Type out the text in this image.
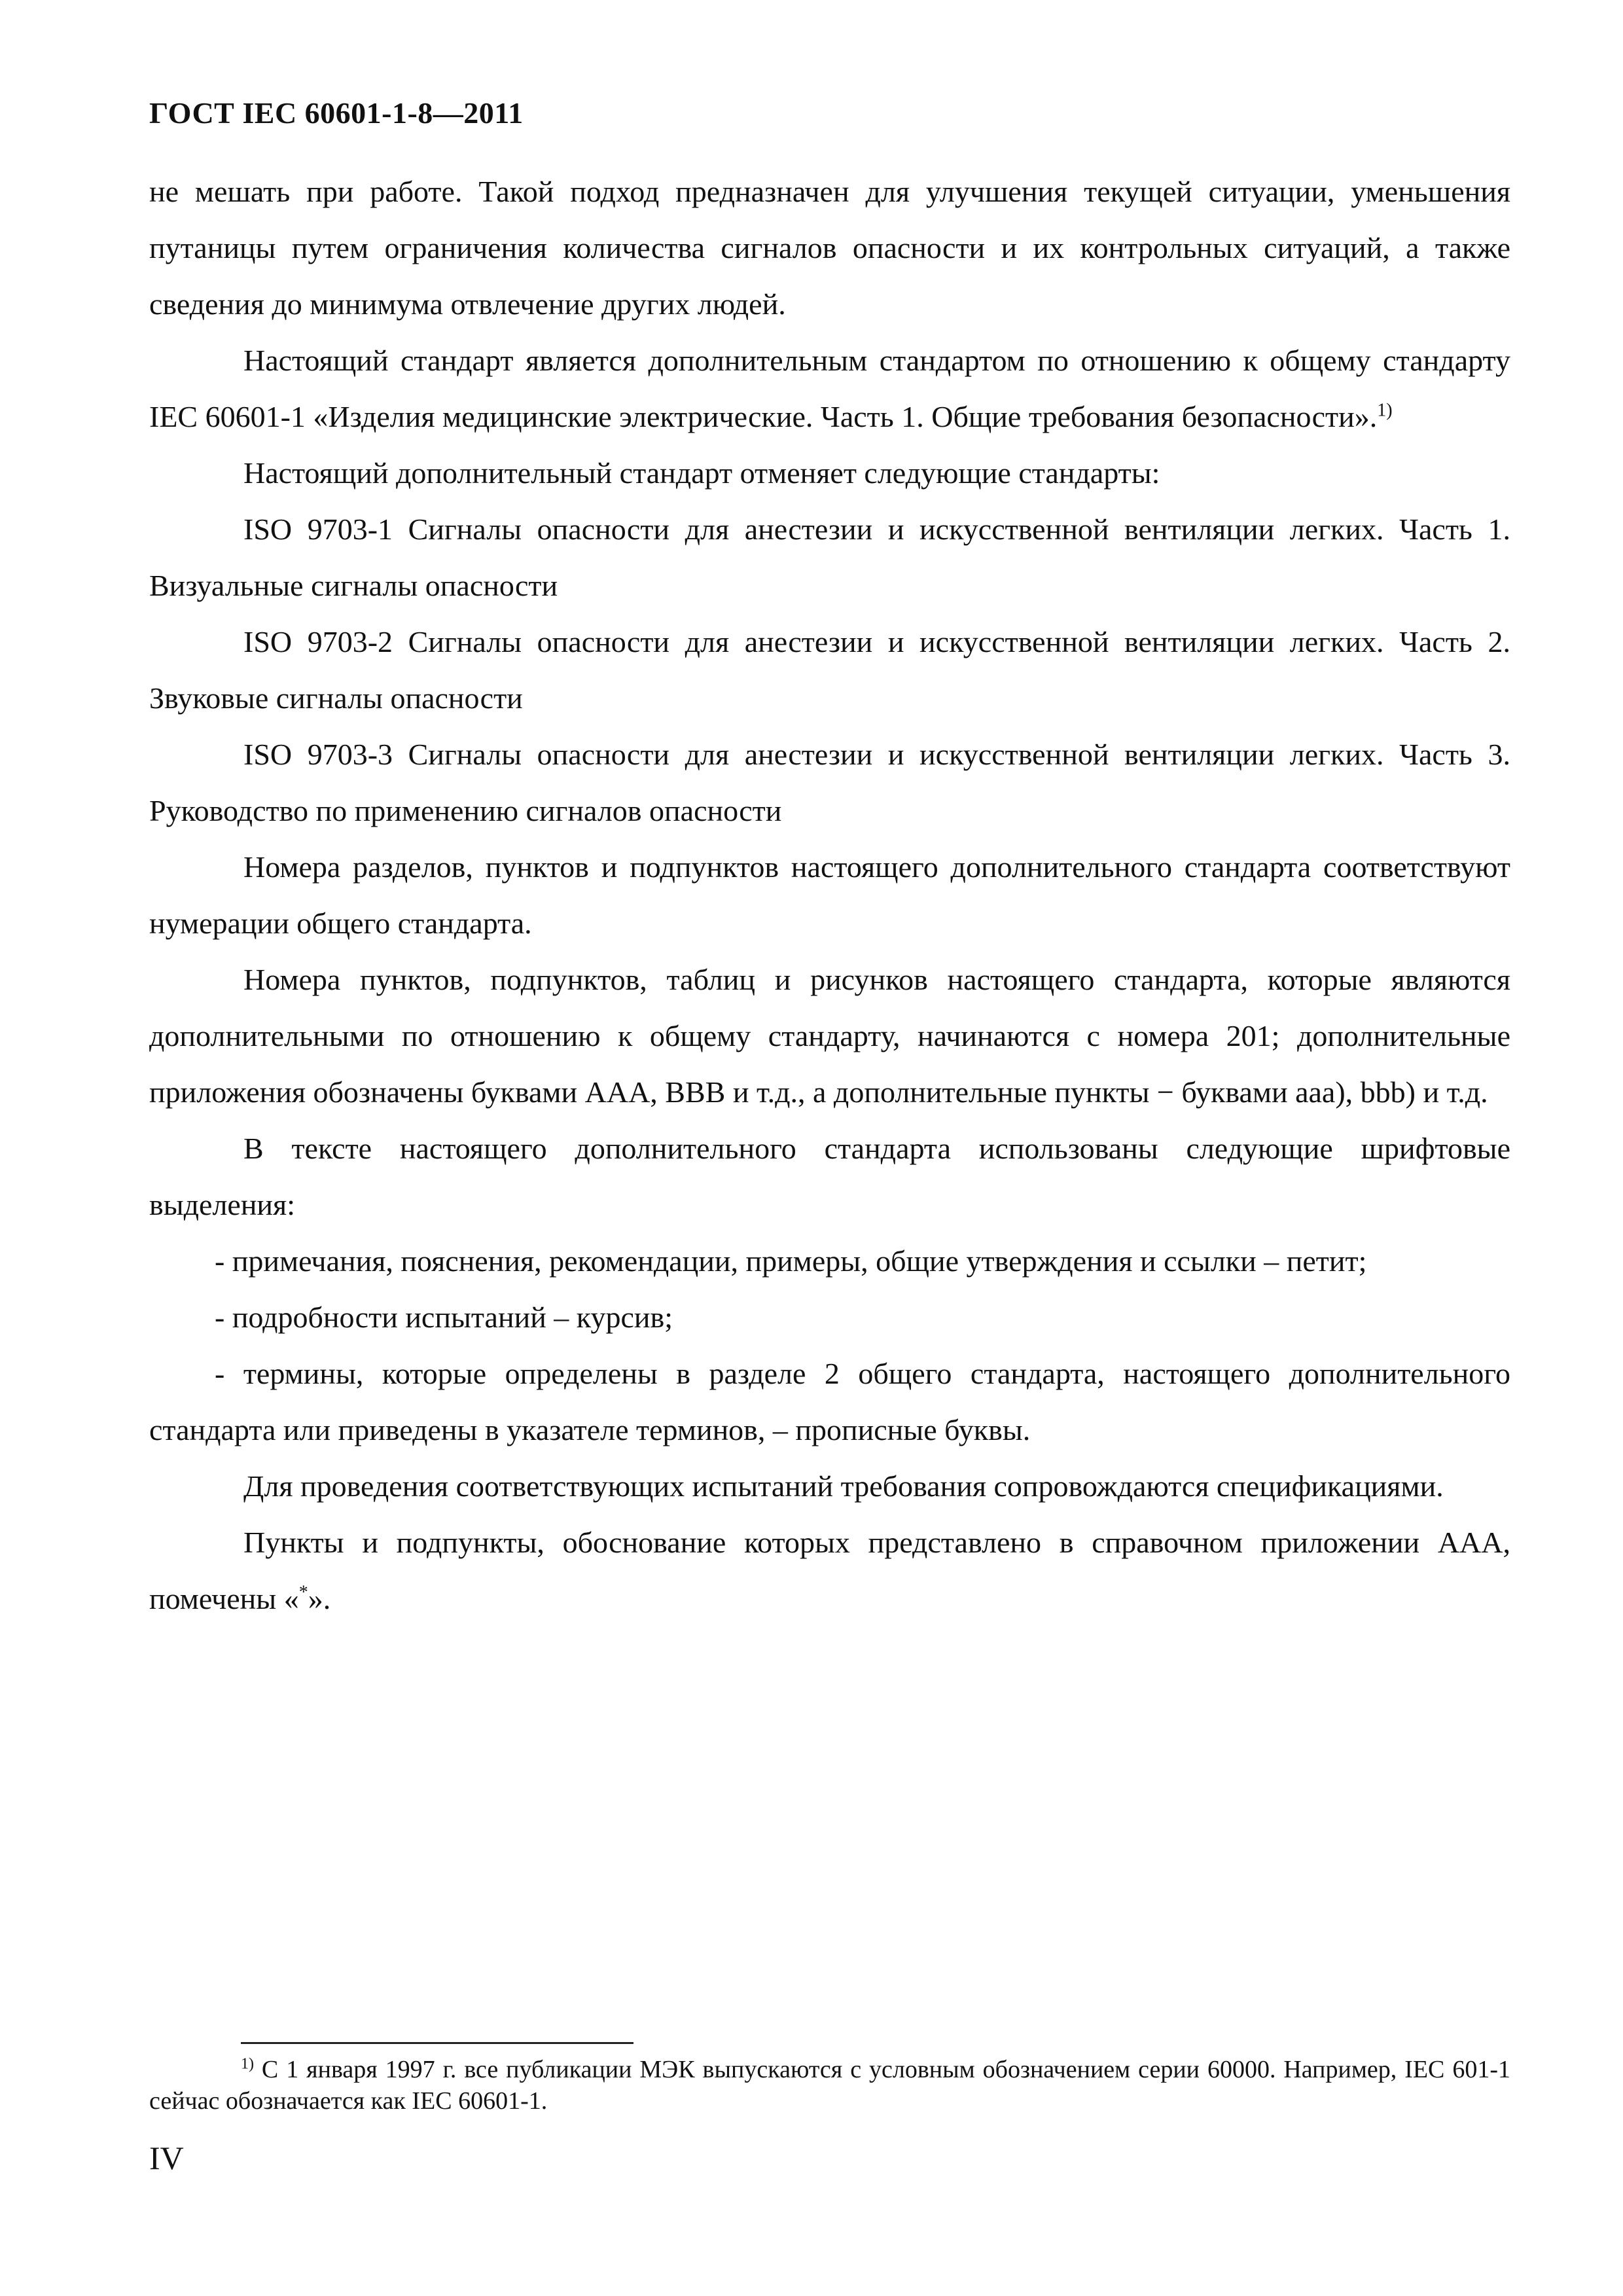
ГОСТ IEC 60601-1-8—2011

не мешать при работе. Такой подход предназначен для улучшения текущей ситуации, уменьшения путаницы путем ограничения количества сигналов опасности и их контрольных ситуаций, а также сведения до минимума отвлечение других людей.

Настоящий стандарт является дополнительным стандартом по отношению к общему стандарту IEC 60601-1 «Изделия медицинские электрические. Часть 1. Общие требования безопасности».$^{1)}$

Настоящий дополнительный стандарт отменяет следующие стандарты:

ISO 9703-1 Сигналы опасности для анестезии и искусственной вентиляции легких. Часть 1. Визуальные сигналы опасности

ISO 9703-2 Сигналы опасности для анестезии и искусственной вентиляции легких. Часть 2. Звуковые сигналы опасности

ISO 9703-3 Сигналы опасности для анестезии и искусственной вентиляции легких. Часть 3. Руководство по применению сигналов опасности

Номера разделов, пунктов и подпунктов настоящего дополнительного стандарта соответствуют нумерации общего стандарта.

Номера пунктов, подпунктов, таблиц и рисунков настоящего стандарта, которые являются дополнительными по отношению к общему стандарту, начинаются с номера 201; дополнительные приложения обозначены буквами ААА, ВВВ и т.д., а дополнительные пункты − буквами ааа), bbb) и т.д.

В тексте настоящего дополнительного стандарта использованы следующие шрифтовые выделения:

- примечания, пояснения, рекомендации, примеры, общие утверждения и ссылки – петит;

- подробности испытаний – курсив;

- термины, которые определены в разделе 2 общего стандарта, настоящего дополнительного стандарта или приведены в указателе терминов, – прописные буквы.

Для проведения соответствующих испытаний требования сопровождаются спецификациями.

Пункты и подпункты, обоснование которых представлено в справочном приложении ААА, помечены «*».

$^{1)}$ С 1 января 1997 г. все публикации МЭК выпускаются с условным обозначением серии 60000. Например, IEC 601-1 сейчас обозначается как IEC 60601-1.
IV
